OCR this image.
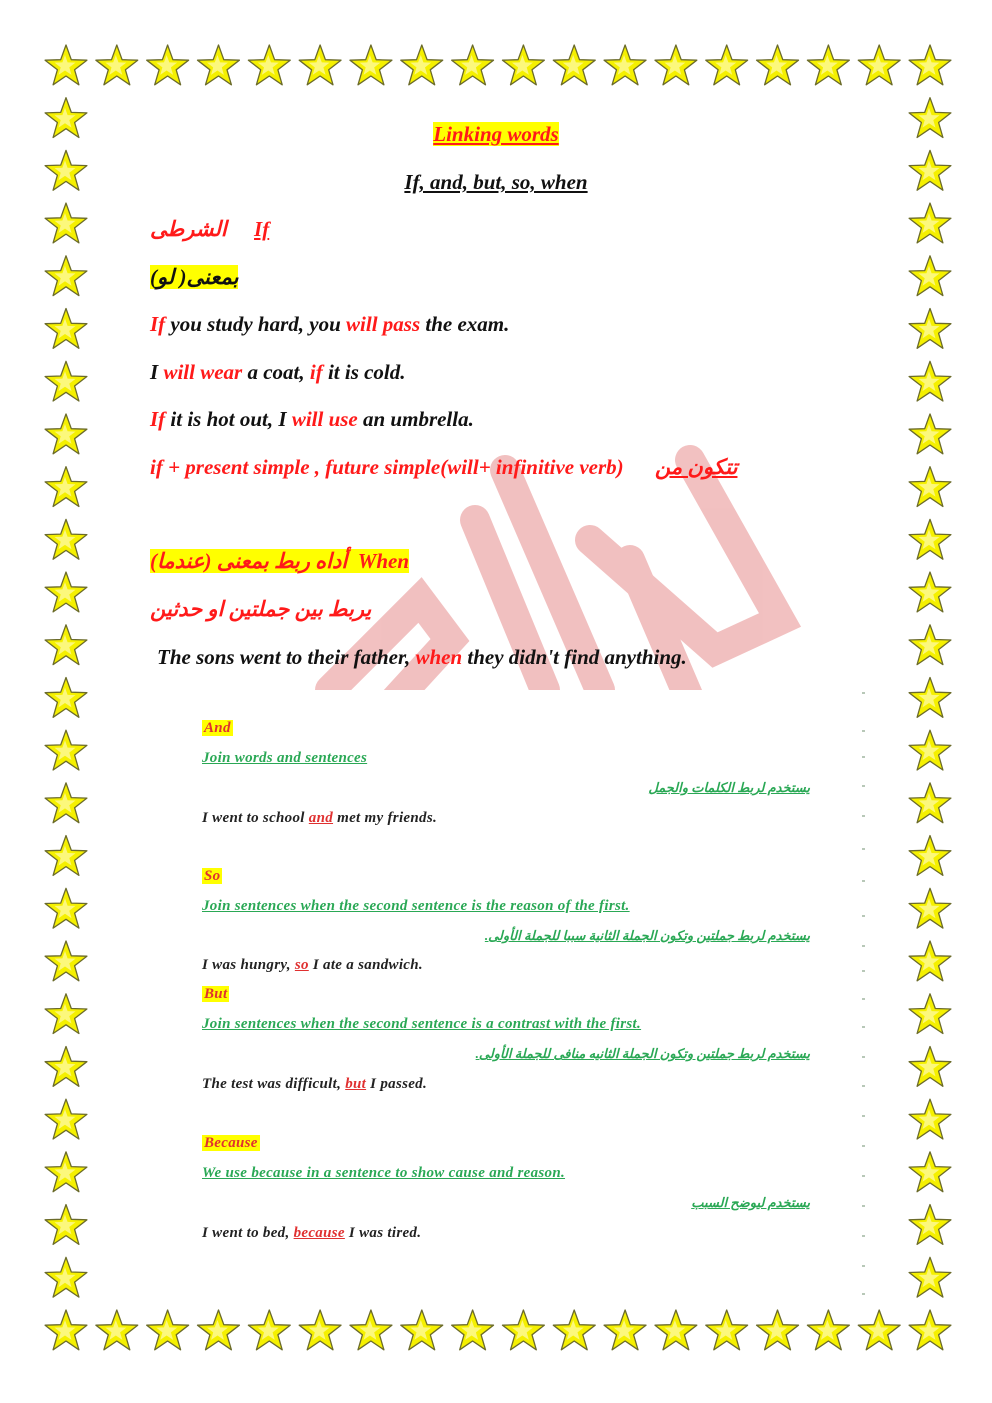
Linking words
If, and, but, so, when
الشرطى If
بمعنى( لو)
If you study hard, you will pass the exam.
I will wear a coat, if it is cold.
If it is hot out, I will use an umbrella.
if + present simple , future simple(will+ infinitive verb) تتكون من
أداه ربط بمعنى (عندما) When
يربط بين جملتين او حدثين
The sons went to their father, when they didn't find anything.
And
Join words and sentences
يستخدم لربط الكلمات والجمل
I went to school and met my friends.
So
Join sentences when the second sentence is the reason of the first.
يستخدم لربط جملتين وتكون الجملة الثانية سببا للجملة الأولى.
I was hungry, so I ate a sandwich.
But
Join sentences when the second sentence is a contrast with the first.
يستخدم لربط جملتين وتكون الجملة الثانيه منافى للجملة الأولى.
The test was difficult, but I passed.
Because
We use because in a sentence to show cause and reason.
يستخدم ليوضح السبب
I went to bed, because I was tired.
